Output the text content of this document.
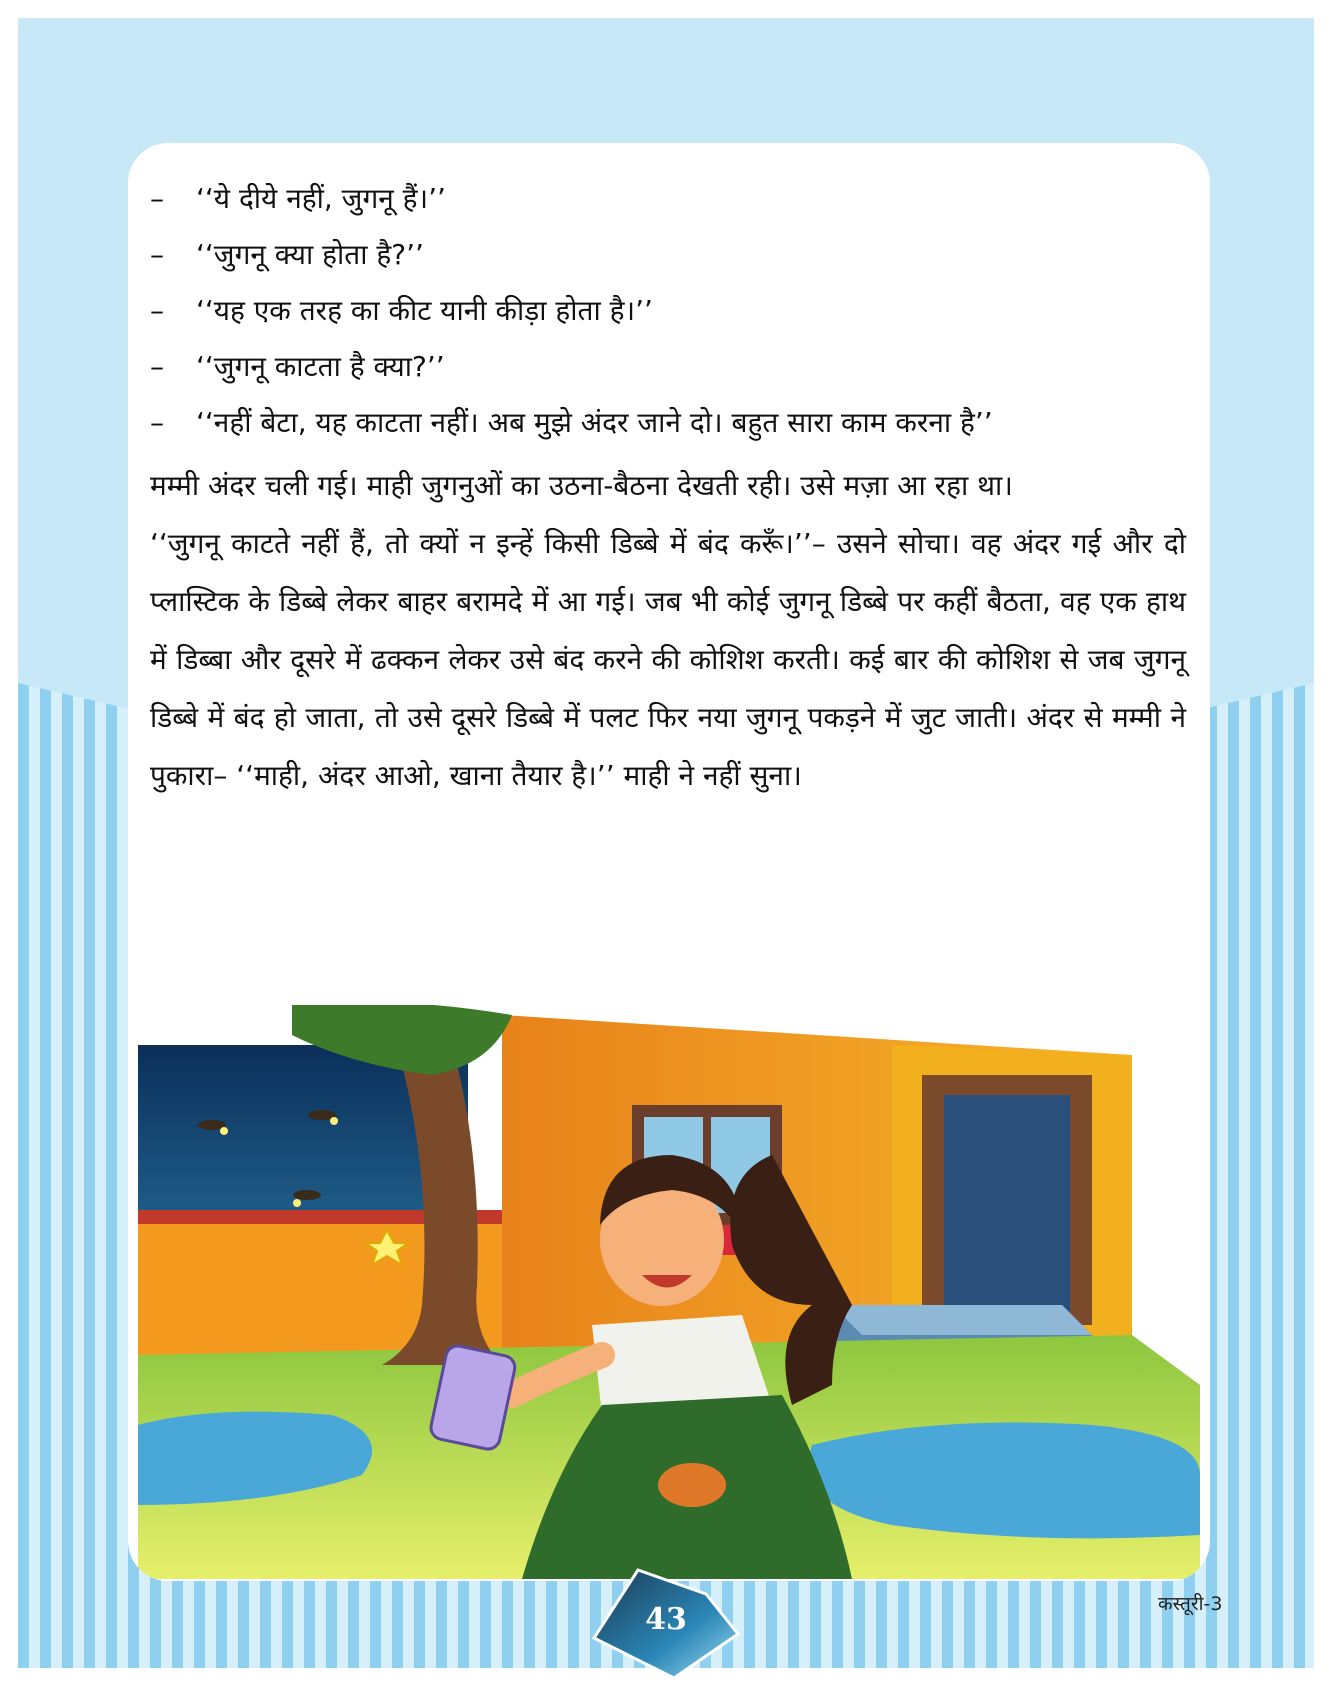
– ‘‘ये दीये नहीं, जुगनू हैं।’’
– ‘‘जुगनू क्या होता है?’’
– ‘‘यह एक तरह का कीट यानी कीड़ा होता है।’’
– ‘‘जुगनू काटता है क्या?’’
– ‘‘नहीं बेटा, यह काटता नहीं। अब मुझे अंदर जाने दो। बहुत सारा काम करना है’’

मम्मी अंदर चली गई। माही जुगनुओं का उठना-बैठना देखती रही। उसे मज़ा आ रहा था।

‘‘जुगनू काटते नहीं हैं, तो क्यों न इन्हें किसी डिब्बे में बंद करूँ।’’– उसने सोचा। वह अंदर गई और दो प्लास्टिक के डिब्बे लेकर बाहर बरामदे में आ गई। जब भी कोई जुगनू डिब्बे पर कहीं बैठता, वह एक हाथ में डिब्बा और दूसरे में ढक्कन लेकर उसे बंद करने की कोशिश करती। कई बार की कोशिश से जब जुगनू डिब्बे में बंद हो जाता, तो उसे दूसरे डिब्बे में पलट फिर नया जुगनू पकड़ने में जुट जाती। अंदर से मम्मी ने पुकारा– ‘‘माही, अंदर आओ, खाना तैयार है।’’ माही ने नहीं सुना।

कस्तूरी-3
43
